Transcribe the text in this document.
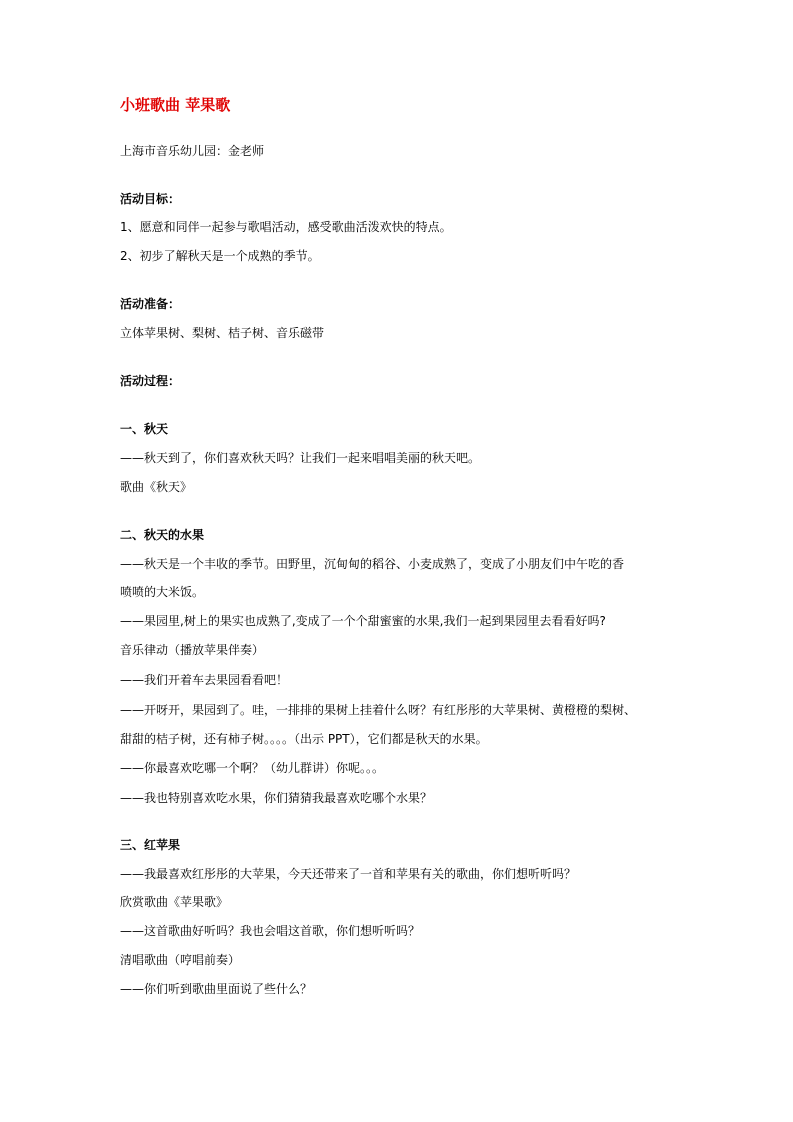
小班歌曲 苹果歌
上海市音乐幼儿园：金老师
活动目标：
1、愿意和同伴一起参与歌唱活动，感受歌曲活泼欢快的特点。
2、初步了解秋天是一个成熟的季节。
活动准备：
立体苹果树、梨树、桔子树、音乐磁带
活动过程：
一、秋天
——秋天到了，你们喜欢秋天吗？让我们一起来唱唱美丽的秋天吧。
歌曲《秋天》
二、秋天的水果
——秋天是一个丰收的季节。田野里，沉甸甸的稻谷、小麦成熟了，变成了小朋友们中午吃的香
喷喷的大米饭。
——果园里,树上的果实也成熟了,变成了一个个甜蜜蜜的水果,我们一起到果园里去看看好吗?
音乐律动（播放苹果伴奏）
——我们开着车去果园看看吧！
——开呀开，果园到了。哇，一排排的果树上挂着什么呀？有红彤彤的大苹果树、黄橙橙的梨树、
甜甜的桔子树，还有柿子树。。。。（出示 PPT），它们都是秋天的水果。
——你最喜欢吃哪一个啊？（幼儿群讲）你呢。。。
——我也特别喜欢吃水果，你们猜猜我最喜欢吃哪个水果？
三、红苹果
——我最喜欢红彤彤的大苹果，今天还带来了一首和苹果有关的歌曲，你们想听听吗？
欣赏歌曲《苹果歌》
——这首歌曲好听吗？我也会唱这首歌，你们想听听吗？
清唱歌曲（哼唱前奏）
——你们听到歌曲里面说了些什么？
